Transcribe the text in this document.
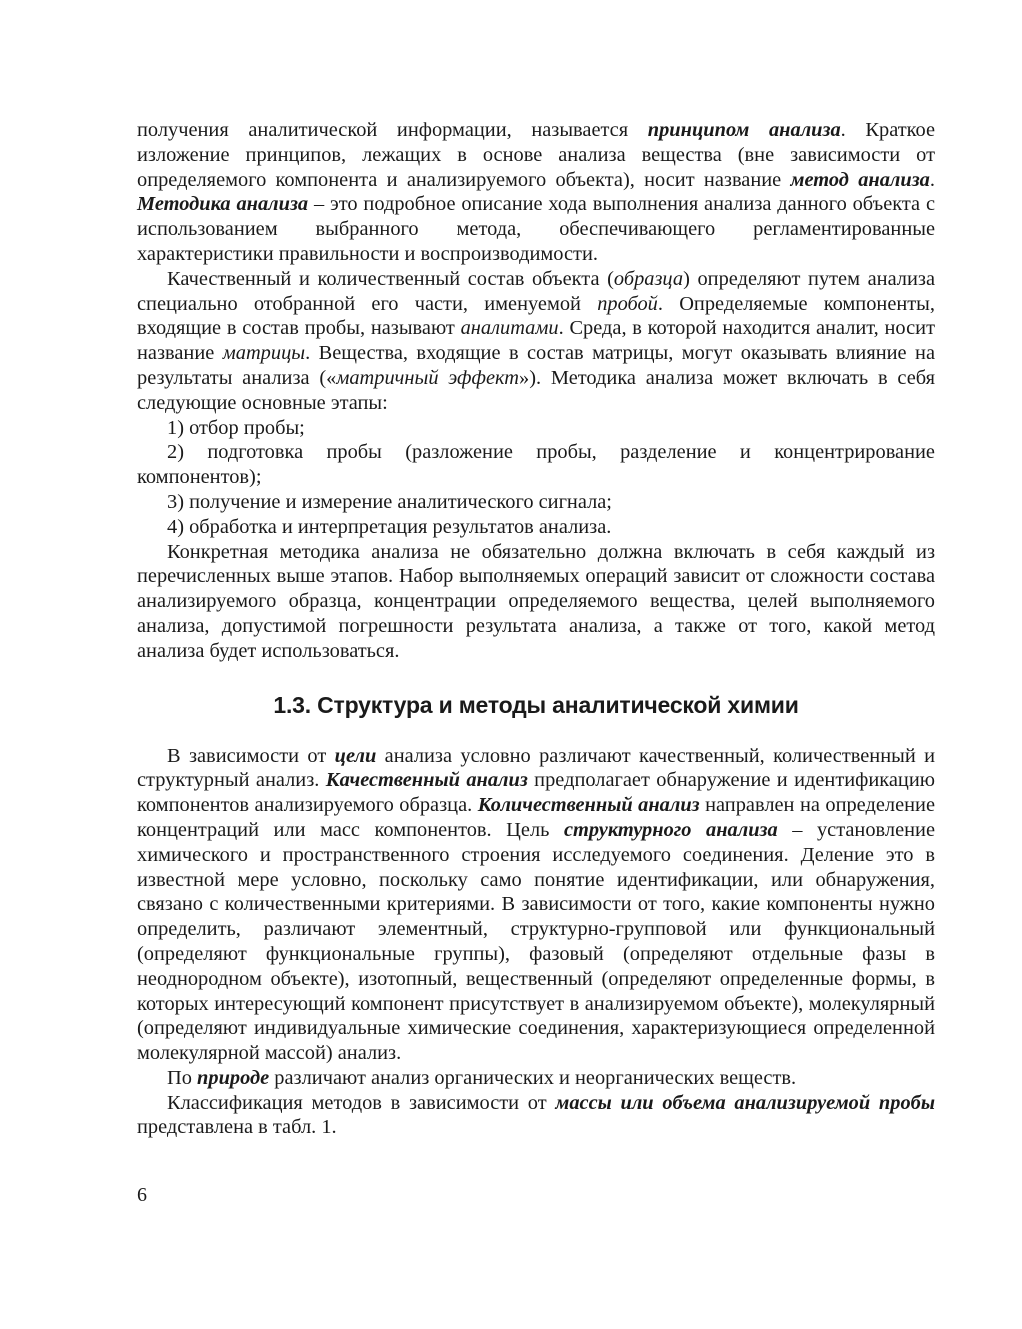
получения аналитической информации, называется принципом анализа. Краткое изложение принципов, лежащих в основе анализа вещества (вне зависимости от определяемого компонента и анализируемого объекта), носит название метод анализа. Методика анализа – это подробное описание хода выполнения анализа данного объекта с использованием выбранного метода, обеспечивающего регламентированные характеристики правильности и воспроизводимости.

Качественный и количественный состав объекта (образца) определяют путем анализа специально отобранной его части, именуемой пробой. Определяемые компоненты, входящие в состав пробы, называют аналитами. Среда, в которой находится аналит, носит название матрицы. Вещества, входящие в состав матрицы, могут оказывать влияние на результаты анализа («матричный эффект»). Методика анализа может включать в себя следующие основные этапы:

1) отбор пробы;

2) подготовка пробы (разложение пробы, разделение и концентрирование компонентов);

3) получение и измерение аналитического сигнала;

4) обработка и интерпретация результатов анализа.

Конкретная методика анализа не обязательно должна включать в себя каждый из перечисленных выше этапов. Набор выполняемых операций зависит от сложности состава анализируемого образца, концентрации определяемого вещества, целей выполняемого анализа, допустимой погрешности результата анализа, а также от того, какой метод анализа будет использоваться.

1.3. Структура и методы аналитической химии

В зависимости от цели анализа условно различают качественный, количественный и структурный анализ. Качественный анализ предполагает обнаружение и идентификацию компонентов анализируемого образца. Количественный анализ направлен на определение концентраций или масс компонентов. Цель структурного анализа – установление химического и пространственного строения исследуемого соединения. Деление это в известной мере условно, поскольку само понятие идентификации, или обнаружения, связано с количественными критериями. В зависимости от того, какие компоненты нужно определить, различают элементный, структурно-групповой или функциональный (определяют функциональные группы), фазовый (определяют отдельные фазы в неоднородном объекте), изотопный, вещественный (определяют определенные формы, в которых интересующий компонент присутствует в анализируемом объекте), молекулярный (определяют индивидуальные химические соединения, характеризующиеся определенной молекулярной массой) анализ.

По природе различают анализ органических и неорганических веществ.

Классификация методов в зависимости от массы или объема анализируемой пробы представлена в табл. 1.

6
